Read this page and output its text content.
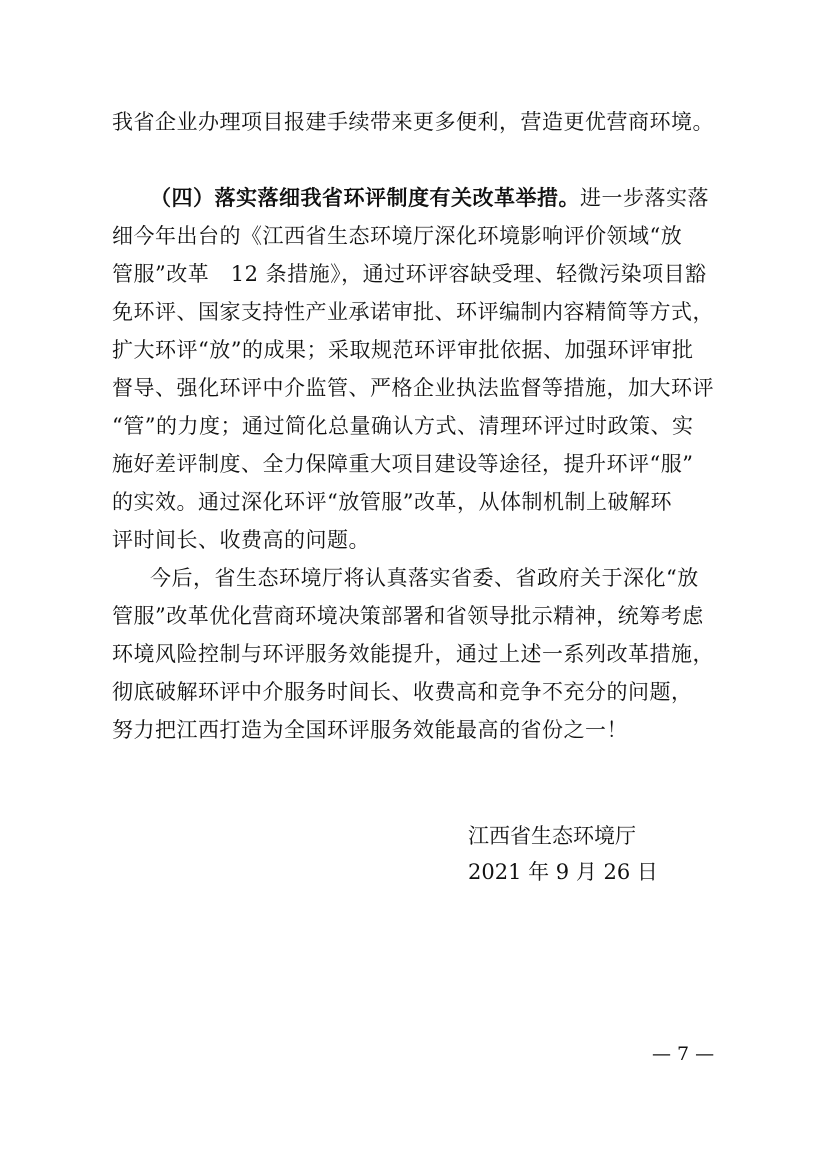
我省企业办理项目报建手续带来更多便利，营造更优营商环境。
（四）落实落细我省环评制度有关改革举措。进一步落实落
细今年出台的《江西省生态环境厅深化环境影响评价领域“放
管服”改革　12 条措施》，通过环评容缺受理、轻微污染项目豁
免环评、国家支持性产业承诺审批、环评编制内容精简等方式，
扩大环评“放”的成果；采取规范环评审批依据、加强环评审批
督导、强化环评中介监管、严格企业执法监督等措施，加大环评
“管”的力度；通过简化总量确认方式、清理环评过时政策、实
施好差评制度、全力保障重大项目建设等途径，提升环评“服”
的实效。通过深化环评“放管服”改革，从体制机制上破解环
评时间长、收费高的问题。
今后，省生态环境厅将认真落实省委、省政府关于深化“放
管服”改革优化营商环境决策部署和省领导批示精神，统筹考虑
环境风险控制与环评服务效能提升，通过上述一系列改革措施，
彻底破解环评中介服务时间长、收费高和竞争不充分的问题，
努力把江西打造为全国环评服务效能最高的省份之一！
江西省生态环境厅
2021 年 9 月 26 日
— 7 —
